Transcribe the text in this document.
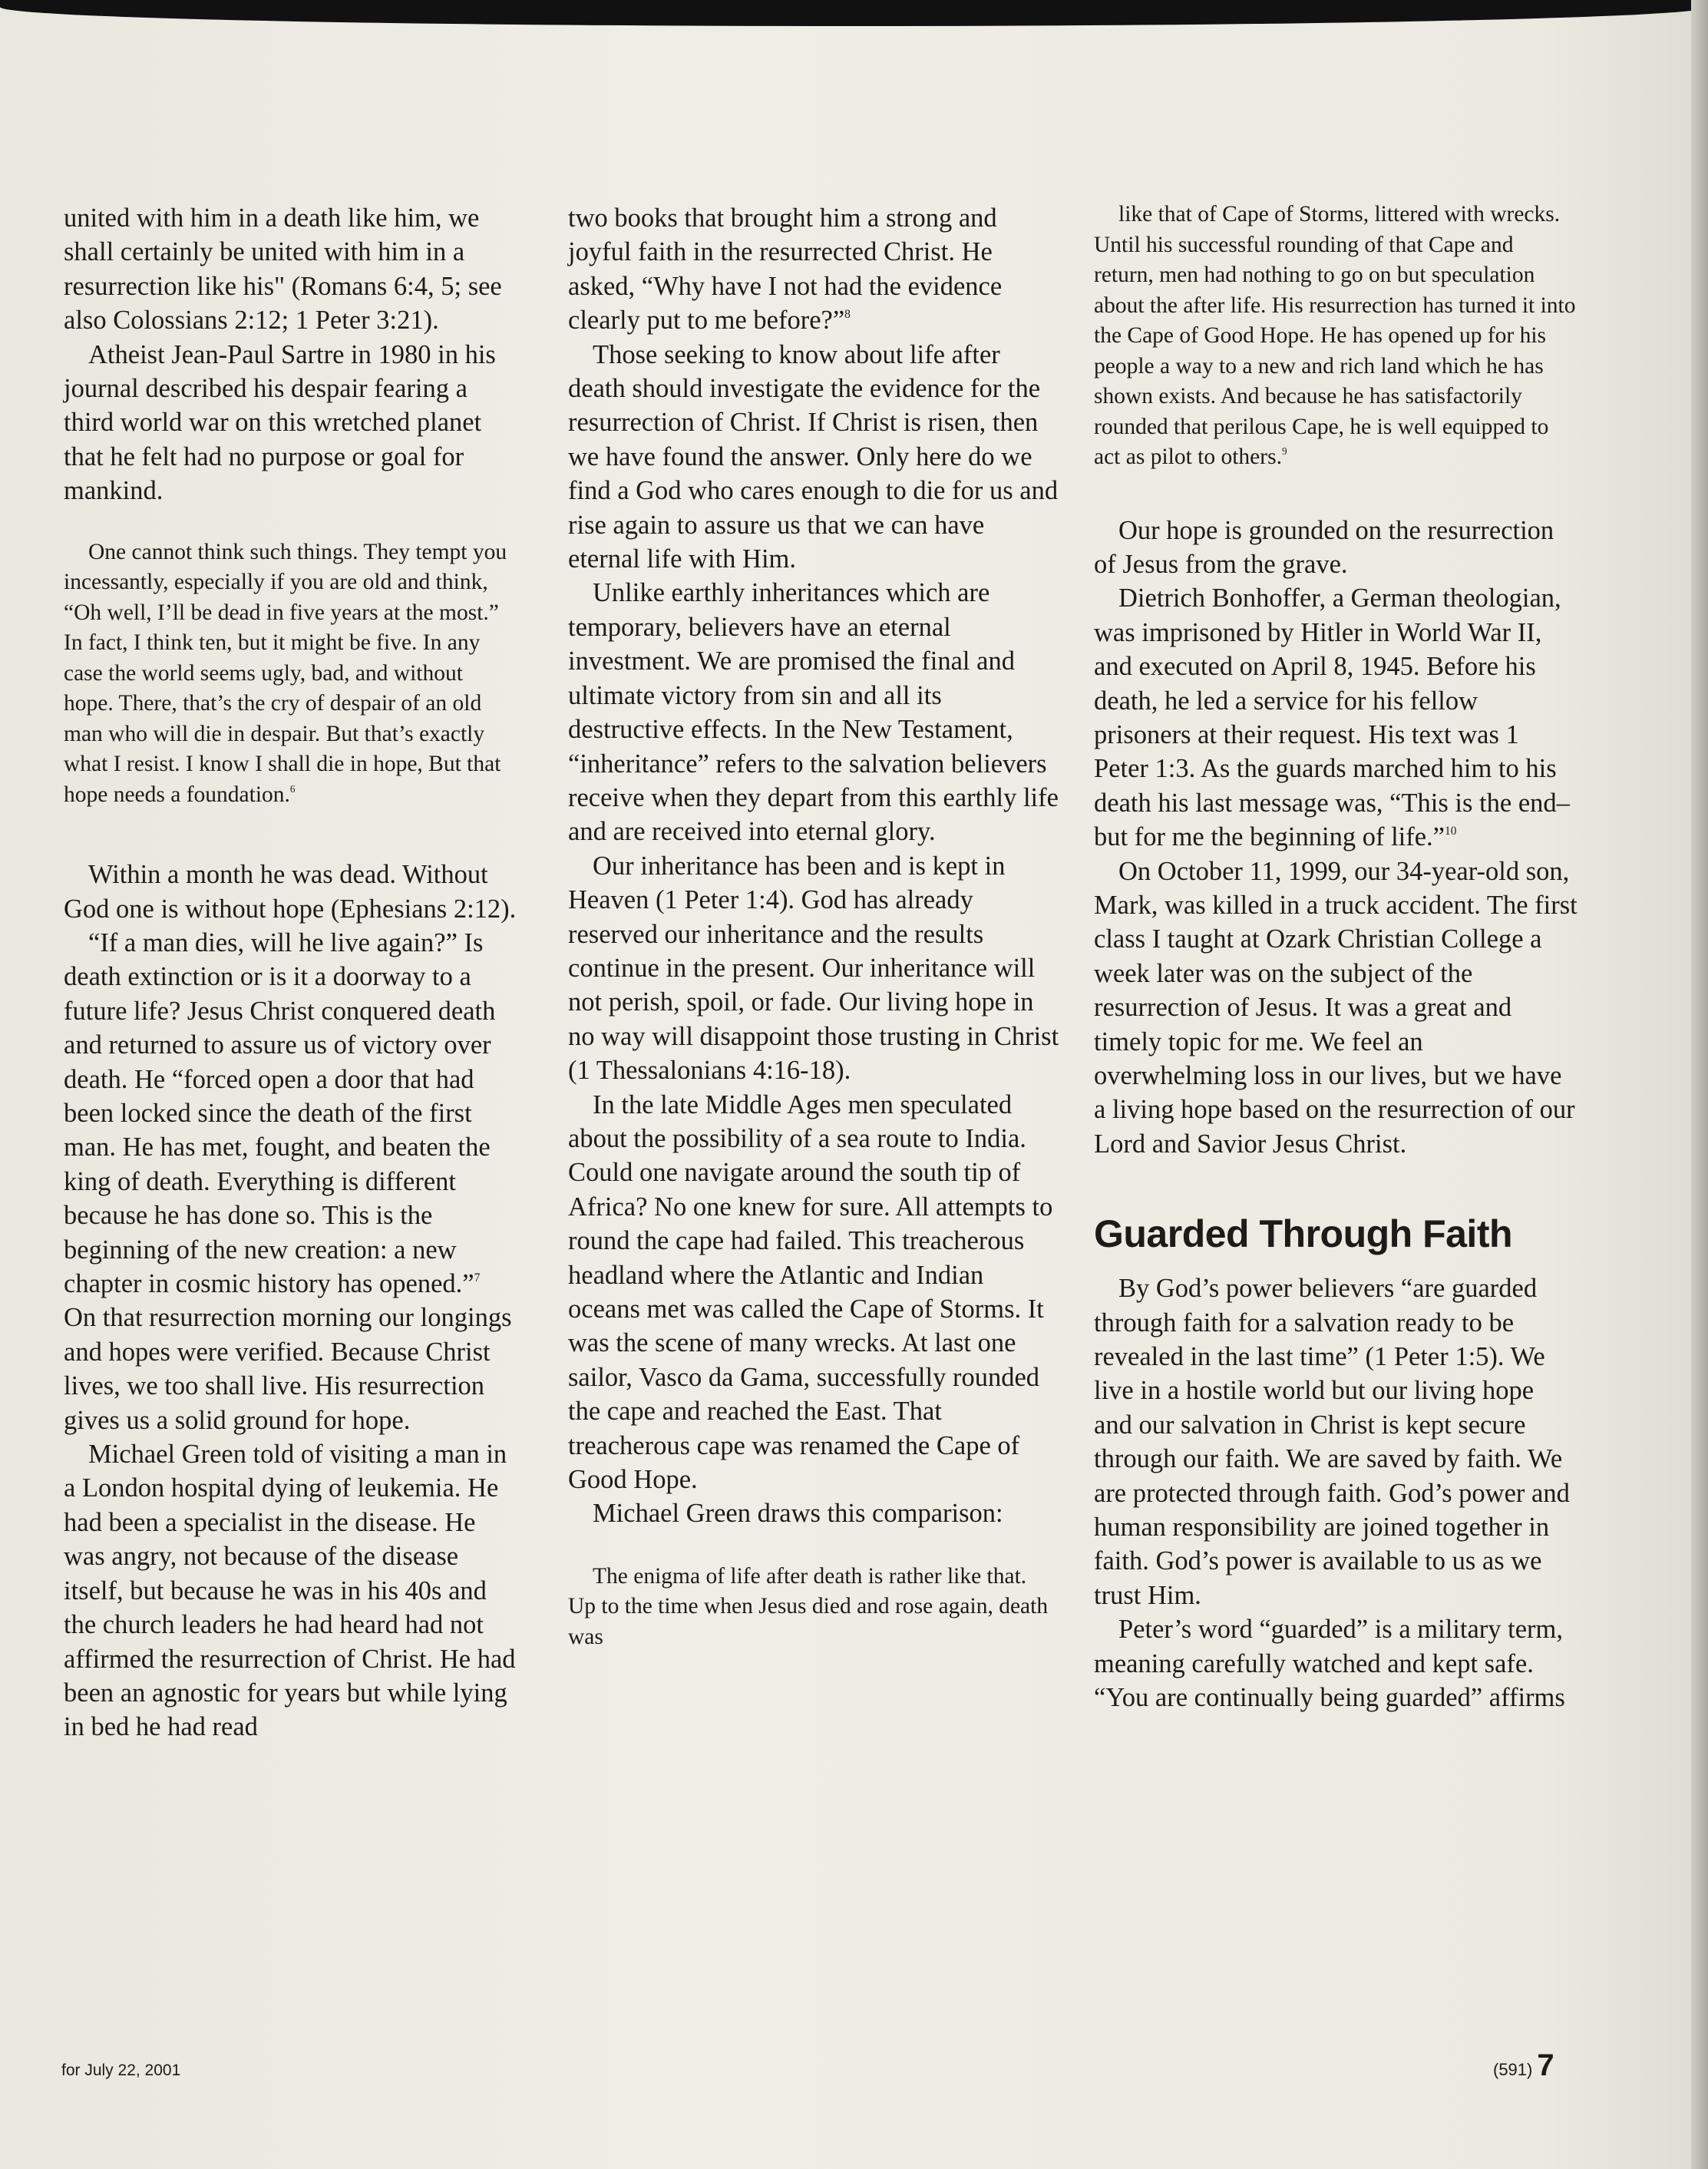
united with him in a death like him, we shall certainly be united with him in a resurrection like his" (Romans 6:4, 5; see also Colossians 2:12; 1 Peter 3:21).

Atheist Jean-Paul Sartre in 1980 in his journal described his despair fearing a third world war on this wretched planet that he felt had no purpose or goal for mankind.

One cannot think such things. They tempt you incessantly, especially if you are old and think, “Oh well, I’ll be dead in five years at the most.” In fact, I think ten, but it might be five. In any case the world seems ugly, bad, and without hope. There, that’s the cry of despair of an old man who will die in despair. But that’s exactly what I resist. I know I shall die in hope, But that hope needs a foundation.$^6$

Within a month he was dead. Without God one is without hope (Ephesians 2:12).

“If a man dies, will he live again?” Is death extinction or is it a doorway to a future life? Jesus Christ conquered death and returned to assure us of victory over death. He “forced open a door that had been locked since the death of the first man. He has met, fought, and beaten the king of death. Everything is different because he has done so. This is the beginning of the new creation: a new chapter in cosmic history has opened.”$^7$ On that resurrection morning our longings and hopes were verified. Because Christ lives, we too shall live. His resurrection gives us a solid ground for hope.

Michael Green told of visiting a man in a London hospital dying of leukemia. He had been a specialist in the disease. He was angry, not because of the disease itself, but because he was in his 40s and the church leaders he had heard had not affirmed the resurrection of Christ. He had been an agnostic for years but while lying in bed he had read

two books that brought him a strong and joyful faith in the resurrected Christ. He asked, “Why have I not had the evidence clearly put to me before?”$^8$

Those seeking to know about life after death should investigate the evidence for the resurrection of Christ. If Christ is risen, then we have found the answer. Only here do we find a God who cares enough to die for us and rise again to assure us that we can have eternal life with Him.

Unlike earthly inheritances which are temporary, believers have an eternal investment. We are promised the final and ultimate victory from sin and all its destructive effects. In the New Testament, “inheritance” refers to the salvation believers receive when they depart from this earthly life and are received into eternal glory.

Our inheritance has been and is kept in Heaven (1 Peter 1:4). God has already reserved our inheritance and the results continue in the present. Our inheritance will not perish, spoil, or fade. Our living hope in no way will disappoint those trusting in Christ (1 Thessalonians 4:16-18).

In the late Middle Ages men speculated about the possibility of a sea route to India. Could one navigate around the south tip of Africa? No one knew for sure. All attempts to round the cape had failed. This treacherous headland where the Atlantic and Indian oceans met was called the Cape of Storms. It was the scene of many wrecks. At last one sailor, Vasco da Gama, successfully rounded the cape and reached the East. That treacherous cape was renamed the Cape of Good Hope.

Michael Green draws this comparison:

The enigma of life after death is rather like that. Up to the time when Jesus died and rose again, death was

like that of Cape of Storms, littered with wrecks. Until his successful rounding of that Cape and return, men had nothing to go on but speculation about the after life. His resurrection has turned it into the Cape of Good Hope. He has opened up for his people a way to a new and rich land which he has shown exists. And because he has satisfactorily rounded that perilous Cape, he is well equipped to act as pilot to others.$^9$

Our hope is grounded on the resurrection of Jesus from the grave.

Dietrich Bonhoffer, a German theologian, was imprisoned by Hitler in World War II, and executed on April 8, 1945. Before his death, he led a service for his fellow prisoners at their request. His text was 1 Peter 1:3. As the guards marched him to his death his last message was, “This is the end–but for me the beginning of life.”$^{10}$

On October 11, 1999, our 34-year-old son, Mark, was killed in a truck accident. The first class I taught at Ozark Christian College a week later was on the subject of the resurrection of Jesus. It was a great and timely topic for me. We feel an overwhelming loss in our lives, but we have a living hope based on the resurrection of our Lord and Savior Jesus Christ.

Guarded Through Faith

By God’s power believers “are guarded through faith for a salvation ready to be revealed in the last time” (1 Peter 1:5). We live in a hostile world but our living hope and our salvation in Christ is kept secure through our faith. We are saved by faith. We are protected through faith. God’s power and human responsibility are joined together in faith. God’s power is available to us as we trust Him.

Peter’s word “guarded” is a military term, meaning carefully watched and kept safe. “You are continually being guarded” affirms

for July 22, 2001	(591) 7
